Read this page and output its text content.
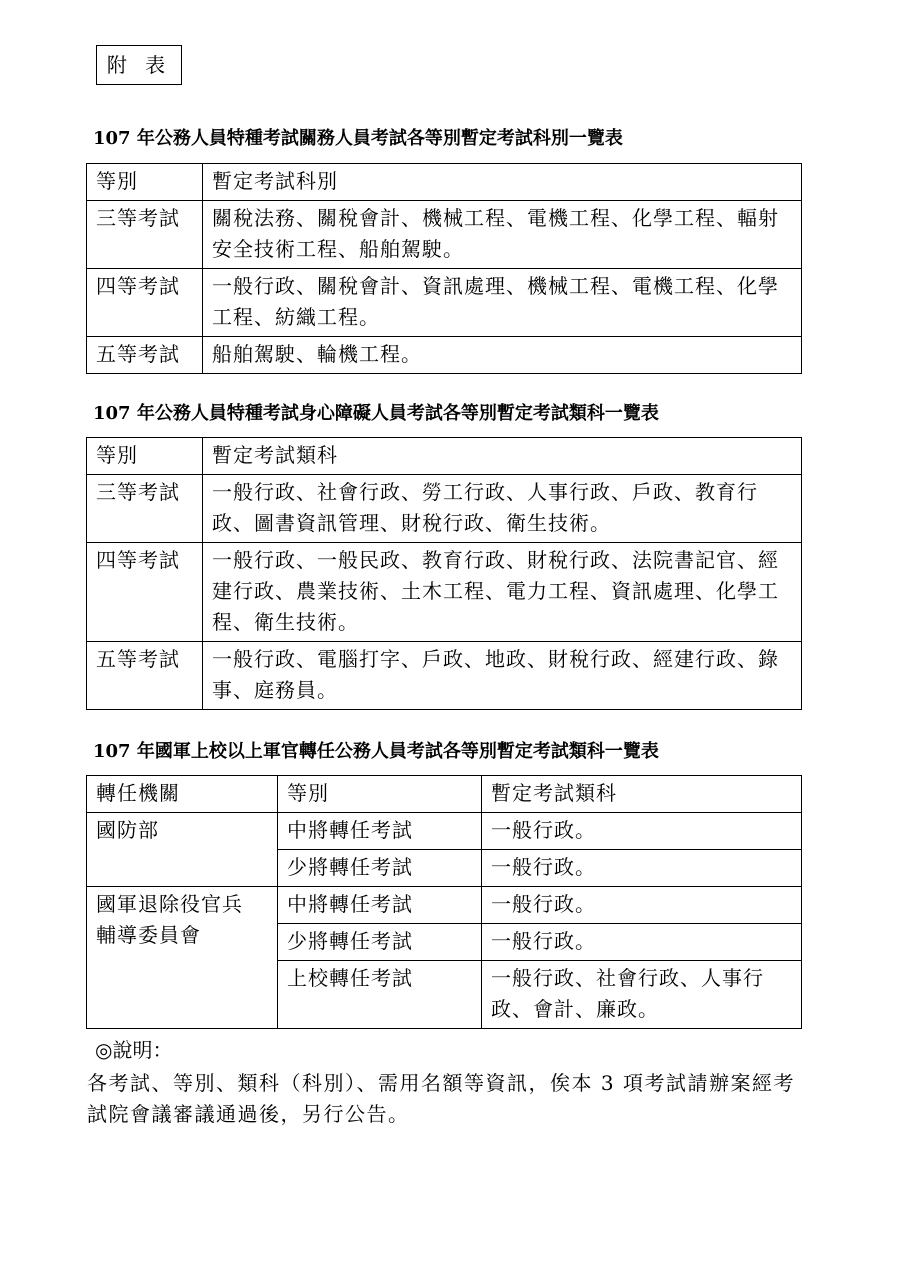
附 表
107 年公務人員特種考試關務人員考試各等別暫定考試科別一覽表
等別	暫定考試科別
三等考試	關稅法務、關稅會計、機械工程、電機工程、化學工程、輻射安全技術工程、船舶駕駛。
四等考試	一般行政、關稅會計、資訊處理、機械工程、電機工程、化學工程、紡織工程。
五等考試	船舶駕駛、輪機工程。
107 年公務人員特種考試身心障礙人員考試各等別暫定考試類科一覽表
等別	暫定考試類科
三等考試	一般行政、社會行政、勞工行政、人事行政、戶政、教育行政、圖書資訊管理、財稅行政、衛生技術。
四等考試	一般行政、一般民政、教育行政、財稅行政、法院書記官、經建行政、農業技術、土木工程、電力工程、資訊處理、化學工程、衛生技術。
五等考試	一般行政、電腦打字、戶政、地政、財稅行政、經建行政、錄事、庭務員。
107 年國軍上校以上軍官轉任公務人員考試各等別暫定考試類科一覽表
轉任機關	等別	暫定考試類科
國防部	中將轉任考試	一般行政。
	少將轉任考試	一般行政。
國軍退除役官兵輔導委員會	中將轉任考試	一般行政。
	少將轉任考試	一般行政。
	上校轉任考試	一般行政、社會行政、人事行政、會計、廉政。
◎說明：
各考試、等別、類科（科別）、需用名額等資訊，俟本 3 項考試請辦案經考試院會議審議通過後，另行公告。
